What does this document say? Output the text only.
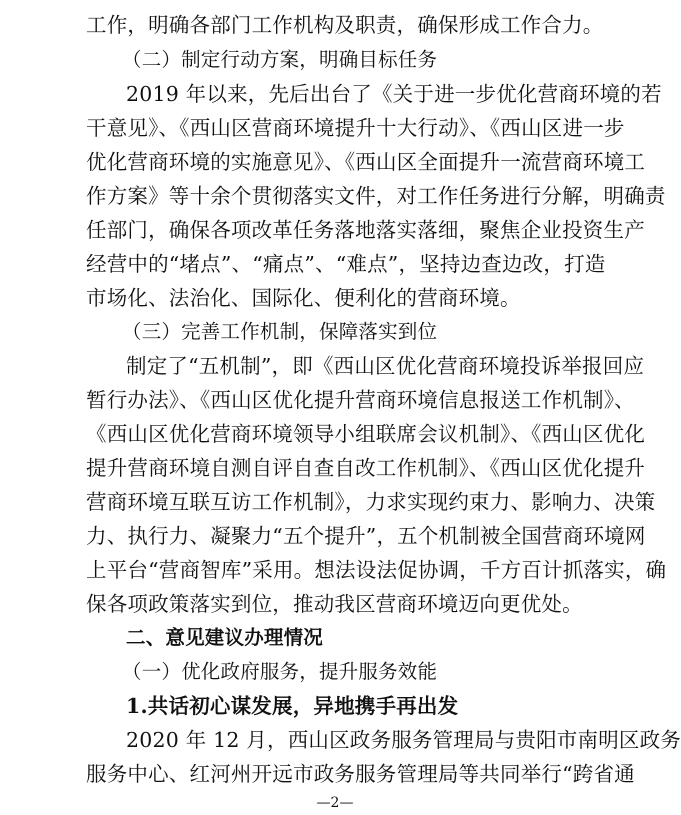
工作，明确各部门工作机构及职责，确保形成工作合力。
（二）制定行动方案，明确目标任务
2019 年以来，先后出台了《关于进一步优化营商环境的若
干意见》、《西山区营商环境提升十大行动》、《西山区进一步
优化营商环境的实施意见》、《西山区全面提升一流营商环境工
作方案》等十余个贯彻落实文件，对工作任务进行分解，明确责
任部门，确保各项改革任务落地落实落细，聚焦企业投资生产
经营中的“堵点”、“痛点”、“难点”，坚持边查边改，打造
市场化、法治化、国际化、便利化的营商环境。
（三）完善工作机制，保障落实到位
制定了“五机制”，即《西山区优化营商环境投诉举报回应
暂行办法》、《西山区优化提升营商环境信息报送工作机制》、
《西山区优化营商环境领导小组联席会议机制》、《西山区优化
提升营商环境自测自评自查自改工作机制》、《西山区优化提升
营商环境互联互访工作机制》，力求实现约束力、影响力、决策
力、执行力、凝聚力“五个提升”，五个机制被全国营商环境网
上平台“营商智库”采用。想法设法促协调，千方百计抓落实，确
保各项政策落实到位，推动我区营商环境迈向更优处。
二、意见建议办理情况
（一）优化政府服务，提升服务效能
1.共话初心谋发展，异地携手再出发
2020 年 12 月，西山区政务服务管理局与贵阳市南明区政务
服务中心、红河州开远市政务服务管理局等共同举行“跨省通
—2—
